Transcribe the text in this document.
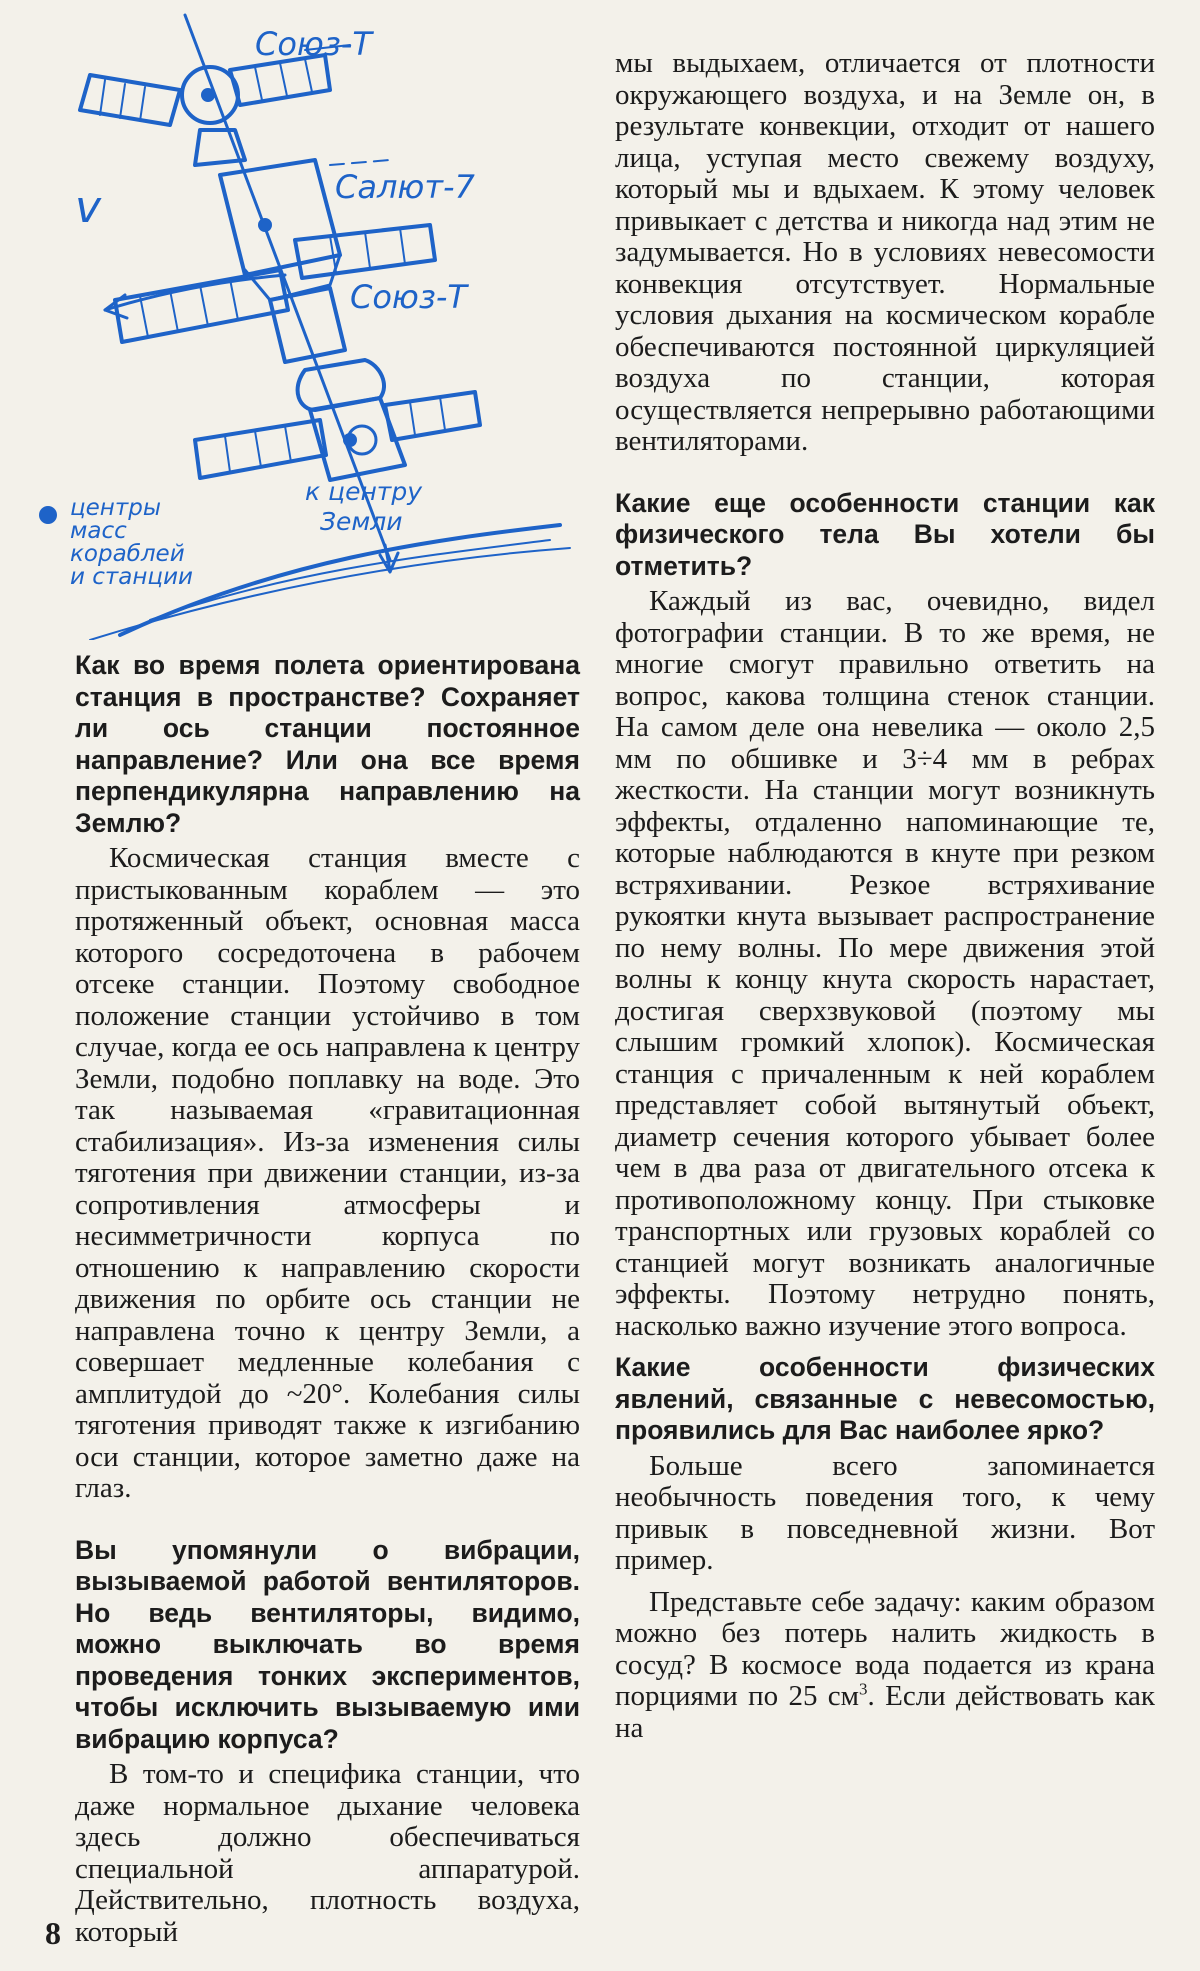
Союз-Т
Салют-7
Союз-Т
v
к центру
Земли
центры
масс
кораблей
и станции
Как во время полета ориентирована станция в пространстве? Сохраняет ли ось станции постоянное направление? Или она все время перпендикулярна направлению на Землю?

Космическая станция вместе с пристыкованным кораблем — это протяженный объект, основная масса которого сосредоточена в рабочем отсеке станции. Поэтому свободное положение станции устойчиво в том случае, когда ее ось направлена к центру Земли, подобно поплавку на воде. Это так называемая «гравитационная стабилизация». Из-за изменения силы тяготения при движении станции, из-за сопротивления атмосферы и несимметричности корпуса по отношению к направлению скорости движения по орбите ось станции не направлена точно к центру Земли, а совершает медленные колебания с амплитудой до ~20°. Колебания силы тяготения приводят также к изгибанию оси станции, которое заметно даже на глаз.

Вы упомянули о вибрации, вызываемой работой вентиляторов. Но ведь вентиляторы, видимо, можно выключать во время проведения тонких экспериментов, чтобы исключить вызываемую ими вибрацию корпуса?

В том-то и специфика станции, что даже нормальное дыхание человека здесь должно обеспечиваться специальной аппаратурой. Действительно, плотность воздуха, который

мы выдыхаем, отличается от плотности окружающего воздуха, и на Земле он, в результате конвекции, отходит от нашего лица, уступая место свежему воздуху, который мы и вдыхаем. К этому человек привыкает с детства и никогда над этим не задумывается. Но в условиях невесомости конвекция отсутствует. Нормальные условия дыхания на космическом корабле обеспечиваются постоянной циркуляцией воздуха по станции, которая осуществляется непрерывно работающими вентиляторами.

Какие еще особенности станции как физического тела Вы хотели бы отметить?

Каждый из вас, очевидно, видел фотографии станции. В то же время, не многие смогут правильно ответить на вопрос, какова толщина стенок станции. На самом деле она невелика — около 2,5 мм по обшивке и 3÷4 мм в ребрах жесткости. На станции могут возникнуть эффекты, отдаленно напоминающие те, которые наблюдаются в кнуте при резком встряхивании. Резкое встряхивание рукоятки кнута вызывает распространение по нему волны. По мере движения этой волны к концу кнута скорость нарастает, достигая сверхзвуковой (поэтому мы слышим громкий хлопок). Космическая станция с причаленным к ней кораблем представляет собой вытянутый объект, диаметр сечения которого убывает более чем в два раза от двигательного отсека к противоположному концу. При стыковке транспортных или грузовых кораблей со станцией могут возникать аналогичные эффекты. Поэтому нетрудно понять, насколько важно изучение этого вопроса.

Какие особенности физических явлений, связанные с невесомостью, проявились для Вас наиболее ярко?

Больше всего запоминается необычность поведения того, к чему привык в повседневной жизни. Вот пример.

Представьте себе задачу: каким образом можно без потерь налить жидкость в сосуд? В космосе вода подается из крана порциями по 25 $см^3$. Если действовать как на

8
